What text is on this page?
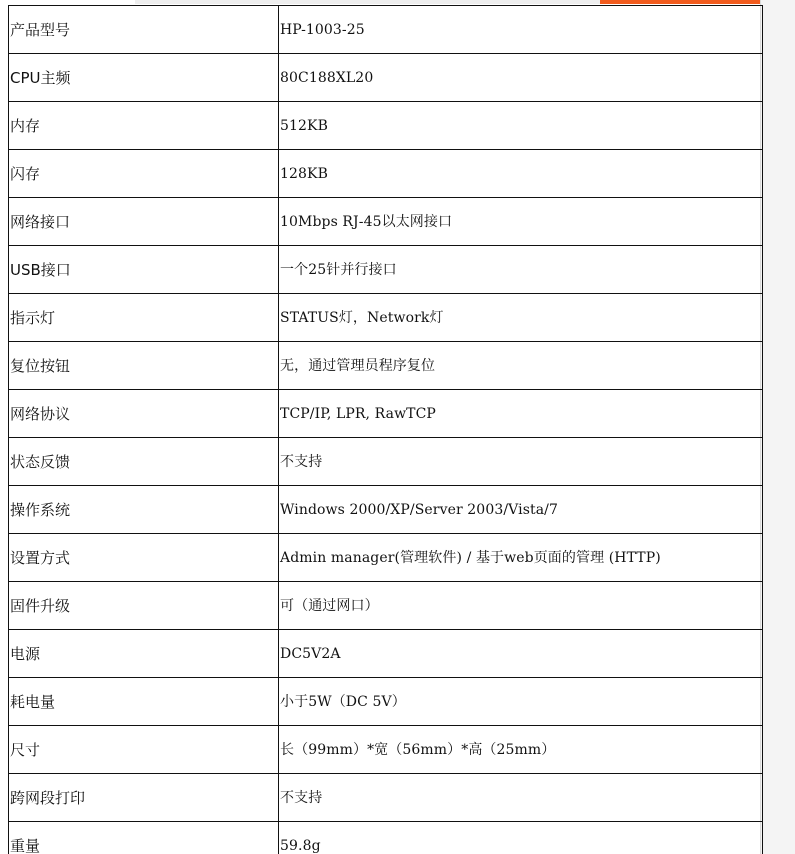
产品型号	HP-1003-25
CPU主频	80C188XL20
内存	512KB
闪存	128KB
网络接口	10Mbps RJ-45以太网接口
USB接口	一个25针并行接口
指示灯	STATUS灯，Network灯
复位按钮	无，通过管理员程序复位
网络协议	TCP/IP, LPR, RawTCP
状态反馈	不支持
操作系统	Windows 2000/XP/Server 2003/Vista/7
设置方式	Admin manager(管理软件) / 基于web页面的管理 (HTTP)
固件升级	可（通过网口）
电源	DC5V2A
耗电量	小于5W（DC 5V）
尺寸	长（99mm）*宽（56mm）*高（25mm）
跨网段打印	不支持
重量	59.8g
